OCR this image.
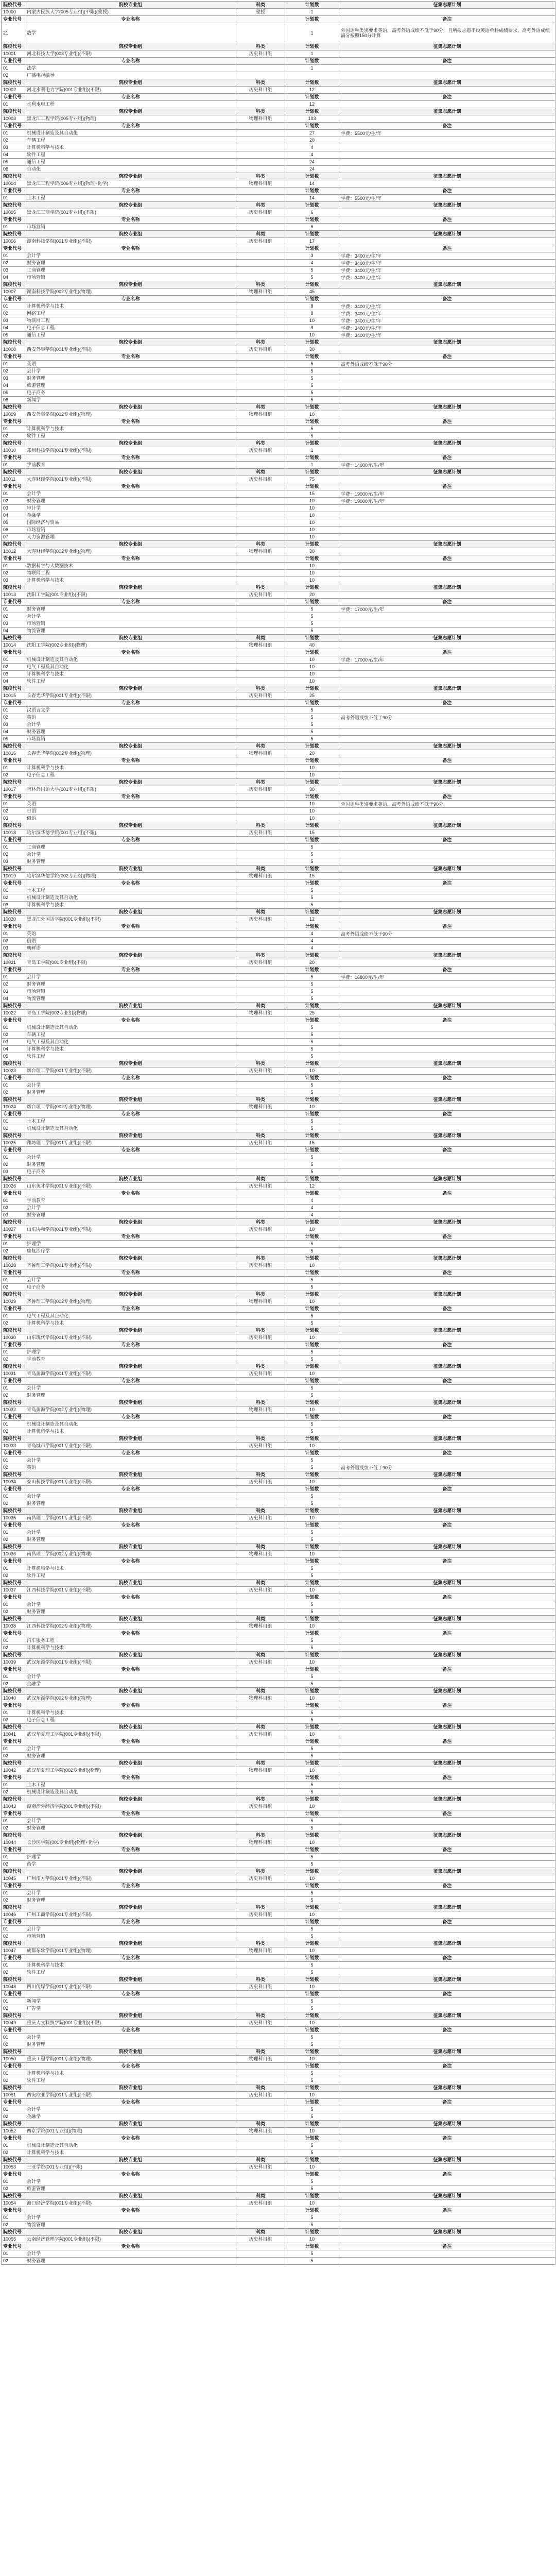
院校代号	院校专业组	科类	计划数	征集志愿计划
10000	内蒙古民族大学(005专业组)(不限)(蒙授)	蒙授	1	
专业代号	专业名称		计划数	备注
21	数学		1	外国语种类别要求英语，高考外语成绩不低于90分，且所报志愿不设英语单科成绩要求，高考外语成绩满分按照150分计算
院校代号	院校专业组	科类	计划数	征集志愿计划
10001	河北科技大学(003专业组)(不限)	历史科目组	1	
专业代号	专业名称		计划数	备注
01	法学		1	
02	广播电视编导			
院校代号	院校专业组	科类	计划数	征集志愿计划
10002	河北水利电力学院(001专业组)(不限)	历史科目组	12	
专业代号	专业名称		计划数	备注
01	水利水电工程		12	
院校代号	院校专业组	科类	计划数	征集志愿计划
10003	黑龙江工程学院(005专业组)(物理)	物理科目组	103	
专业代号	专业名称		计划数	备注
01	机械设计制造及其自动化		27	学费：5500元/生/年
02	车辆工程		20	
03	计算机科学与技术		4	
04	软件工程		4	
05	通信工程		24	
06	自动化		24	
院校代号	院校专业组	科类	计划数	征集志愿计划
10004	黑龙江工程学院(006专业组)(物理+化学)	物理科目组	14	
专业代号	专业名称		计划数	备注
01	土木工程		14	学费：5500元/生/年
院校代号	院校专业组	科类	计划数	征集志愿计划
10005	黑龙江工商学院(001专业组)(不限)	历史科目组	6	
专业代号	专业名称		计划数	备注
01	市场营销		6	
院校代号	院校专业组	科类	计划数	征集志愿计划
10006	湖南科技学院(001专业组)(不限)	历史科目组	17	
专业代号	专业名称		计划数	备注
01	会计学		3	学费：3400元/生/年
02	财务管理		4	学费：3400元/生/年
03	工商管理		5	学费：3400元/生/年
04	市场营销		5	学费：3400元/生/年
院校代号	院校专业组	科类	计划数	征集志愿计划
10007	湖南科技学院(002专业组)(物理)	物理科目组	45	
专业代号	专业名称		计划数	备注
01	计算机科学与技术		8	学费：3400元/生/年
02	网络工程		8	学费：3400元/生/年
03	物联网工程		10	学费：3400元/生/年
04	电子信息工程		9	学费：3400元/生/年
05	通信工程		10	学费：3400元/生/年
院校代号	院校专业组	科类	计划数	征集志愿计划
10008	西安外事学院(001专业组)(不限)	历史科目组	30	
专业代号	专业名称		计划数	备注
01	英语		5	高考外语成绩不低于90分
02	会计学		5	
03	财务管理		5	
04	旅游管理		5	
05	电子商务		5	
06	新闻学		5	
院校代号	院校专业组	科类	计划数	征集志愿计划
10009	西安外事学院(002专业组)(物理)	物理科目组	10	
专业代号	专业名称		计划数	备注
01	计算机科学与技术		5	
02	软件工程		5	
院校代号	院校专业组	科类	计划数	征集志愿计划
10010	郑州科技学院(001专业组)(不限)	历史科目组	1	
专业代号	专业名称		计划数	备注
01	学前教育		1	学费：14000元/生/年
院校代号	院校专业组	科类	计划数	征集志愿计划
10011	大连财经学院(001专业组)(不限)	历史科目组	75	
专业代号	专业名称		计划数	备注
01	会计学		15	学费：19000元/生/年
02	财务管理		10	学费：19000元/生/年
03	审计学		10	
04	金融学		10	
05	国际经济与贸易		10	
06	市场营销		10	
07	人力资源管理		10	
院校代号	院校专业组	科类	计划数	征集志愿计划
10012	大连财经学院(002专业组)(物理)	物理科目组	30	
专业代号	专业名称		计划数	备注
01	数据科学与大数据技术		10	
02	物联网工程		10	
03	计算机科学与技术		10	
院校代号	院校专业组	科类	计划数	征集志愿计划
10013	沈阳工学院(001专业组)(不限)	历史科目组	20	
专业代号	专业名称		计划数	备注
01	财务管理		5	学费：17000元/生/年
02	会计学		5	
03	市场营销		5	
04	物流管理		5	
院校代号	院校专业组	科类	计划数	征集志愿计划
10014	沈阳工学院(002专业组)(物理)	物理科目组	40	
专业代号	专业名称		计划数	备注
01	机械设计制造及其自动化		10	学费：17000元/生/年
02	电气工程及其自动化		10	
03	计算机科学与技术		10	
04	软件工程		10	
院校代号	院校专业组	科类	计划数	征集志愿计划
10015	长春光华学院(001专业组)(不限)	历史科目组	25	
专业代号	专业名称		计划数	备注
01	汉语言文学		5	
02	英语		5	高考外语成绩不低于90分
03	会计学		5	
04	财务管理		5	
05	市场营销		5	
院校代号	院校专业组	科类	计划数	征集志愿计划
10016	长春光华学院(002专业组)(物理)	物理科目组	20	
专业代号	专业名称		计划数	备注
01	计算机科学与技术		10	
02	电子信息工程		10	
院校代号	院校专业组	科类	计划数	征集志愿计划
10017	吉林外国语大学(001专业组)(不限)	历史科目组	30	
专业代号	专业名称		计划数	备注
01	英语		10	外国语种类别要求英语，高考外语成绩不低于90分
02	日语		10	
03	俄语		10	
院校代号	院校专业组	科类	计划数	征集志愿计划
10018	哈尔滨华德学院(001专业组)(不限)	历史科目组	15	
专业代号	专业名称		计划数	备注
01	工商管理		5	
02	会计学		5	
03	财务管理		5	
院校代号	院校专业组	科类	计划数	征集志愿计划
10019	哈尔滨华德学院(002专业组)(物理)	物理科目组	15	
专业代号	专业名称		计划数	备注
01	土木工程		5	
02	机械设计制造及其自动化		5	
03	计算机科学与技术		5	
院校代号	院校专业组	科类	计划数	征集志愿计划
10020	黑龙江外国语学院(001专业组)(不限)	历史科目组	12	
专业代号	专业名称		计划数	备注
01	英语		4	高考外语成绩不低于90分
02	俄语		4	
03	朝鲜语		4	
院校代号	院校专业组	科类	计划数	征集志愿计划
10021	青岛工学院(001专业组)(不限)	历史科目组	20	
专业代号	专业名称		计划数	备注
01	会计学		5	学费：16800元/生/年
02	财务管理		5	
03	市场营销		5	
04	物流管理		5	
院校代号	院校专业组	科类	计划数	征集志愿计划
10022	青岛工学院(002专业组)(物理)	物理科目组	25	
专业代号	专业名称		计划数	备注
01	机械设计制造及其自动化		5	
02	车辆工程		5	
03	电气工程及其自动化		5	
04	计算机科学与技术		5	
05	软件工程		5	
院校代号	院校专业组	科类	计划数	征集志愿计划
10023	烟台理工学院(001专业组)(不限)	历史科目组	10	
专业代号	专业名称		计划数	备注
01	会计学		5	
02	财务管理		5	
院校代号	院校专业组	科类	计划数	征集志愿计划
10024	烟台理工学院(002专业组)(物理)	物理科目组	10	
专业代号	专业名称		计划数	备注
01	土木工程		5	
02	机械设计制造及其自动化		5	
院校代号	院校专业组	科类	计划数	征集志愿计划
10025	潍坊理工学院(001专业组)(不限)	历史科目组	15	
专业代号	专业名称		计划数	备注
01	会计学		5	
02	财务管理		5	
03	电子商务		5	
院校代号	院校专业组	科类	计划数	征集志愿计划
10026	山东英才学院(001专业组)(不限)	历史科目组	12	
专业代号	专业名称		计划数	备注
01	学前教育		4	
02	会计学		4	
03	财务管理		4	
院校代号	院校专业组	科类	计划数	征集志愿计划
10027	山东协和学院(001专业组)(不限)	历史科目组	10	
专业代号	专业名称		计划数	备注
01	护理学		5	
02	康复治疗学		5	
院校代号	院校专业组	科类	计划数	征集志愿计划
10028	齐鲁理工学院(001专业组)(不限)	历史科目组	10	
专业代号	专业名称		计划数	备注
01	会计学		5	
02	电子商务		5	
院校代号	院校专业组	科类	计划数	征集志愿计划
10029	齐鲁理工学院(002专业组)(物理)	物理科目组	10	
专业代号	专业名称		计划数	备注
01	电气工程及其自动化		5	
02	计算机科学与技术		5	
院校代号	院校专业组	科类	计划数	征集志愿计划
10030	山东现代学院(001专业组)(不限)	历史科目组	10	
专业代号	专业名称		计划数	备注
01	护理学		5	
02	学前教育		5	
院校代号	院校专业组	科类	计划数	征集志愿计划
10031	青岛黄海学院(001专业组)(不限)	历史科目组	10	
专业代号	专业名称		计划数	备注
01	会计学		5	
02	财务管理		5	
院校代号	院校专业组	科类	计划数	征集志愿计划
10032	青岛黄海学院(002专业组)(物理)	物理科目组	10	
专业代号	专业名称		计划数	备注
01	机械设计制造及其自动化		5	
02	计算机科学与技术		5	
院校代号	院校专业组	科类	计划数	征集志愿计划
10033	青岛城市学院(001专业组)(不限)	历史科目组	10	
专业代号	专业名称		计划数	备注
01	会计学		5	
02	英语		5	高考外语成绩不低于90分
院校代号	院校专业组	科类	计划数	征集志愿计划
10034	泰山科技学院(001专业组)(不限)	历史科目组	10	
专业代号	专业名称		计划数	备注
01	会计学		5	
02	财务管理		5	
院校代号	院校专业组	科类	计划数	征集志愿计划
10035	南昌理工学院(001专业组)(不限)	历史科目组	10	
专业代号	专业名称		计划数	备注
01	会计学		5	
02	财务管理		5	
院校代号	院校专业组	科类	计划数	征集志愿计划
10036	南昌理工学院(002专业组)(物理)	物理科目组	10	
专业代号	专业名称		计划数	备注
01	计算机科学与技术		5	
02	软件工程		5	
院校代号	院校专业组	科类	计划数	征集志愿计划
10037	江西科技学院(001专业组)(不限)	历史科目组	10	
专业代号	专业名称		计划数	备注
01	会计学		5	
02	财务管理		5	
院校代号	院校专业组	科类	计划数	征集志愿计划
10038	江西科技学院(002专业组)(物理)	物理科目组	10	
专业代号	专业名称		计划数	备注
01	汽车服务工程		5	
02	计算机科学与技术		5	
院校代号	院校专业组	科类	计划数	征集志愿计划
10039	武汉东湖学院(001专业组)(不限)	历史科目组	10	
专业代号	专业名称		计划数	备注
01	会计学		5	
02	金融学		5	
院校代号	院校专业组	科类	计划数	征集志愿计划
10040	武汉东湖学院(002专业组)(物理)	物理科目组	10	
专业代号	专业名称		计划数	备注
01	计算机科学与技术		5	
02	电子信息工程		5	
院校代号	院校专业组	科类	计划数	征集志愿计划
10041	武汉华夏理工学院(001专业组)(不限)	历史科目组	10	
专业代号	专业名称		计划数	备注
01	会计学		5	
02	财务管理		5	
院校代号	院校专业组	科类	计划数	征集志愿计划
10042	武汉华夏理工学院(002专业组)(物理)	物理科目组	10	
专业代号	专业名称		计划数	备注
01	土木工程		5	
02	机械设计制造及其自动化		5	
院校代号	院校专业组	科类	计划数	征集志愿计划
10043	湖南涉外经济学院(001专业组)(不限)	历史科目组	10	
专业代号	专业名称		计划数	备注
01	会计学		5	
02	财务管理		5	
院校代号	院校专业组	科类	计划数	征集志愿计划
10044	长沙医学院(001专业组)(物理+化学)	物理科目组	10	
专业代号	专业名称		计划数	备注
01	护理学		5	
02	药学		5	
院校代号	院校专业组	科类	计划数	征集志愿计划
10045	广州南方学院(001专业组)(不限)	历史科目组	10	
专业代号	专业名称		计划数	备注
01	会计学		5	
02	财务管理		5	
院校代号	院校专业组	科类	计划数	征集志愿计划
10046	广州工商学院(001专业组)(不限)	历史科目组	10	
专业代号	专业名称		计划数	备注
01	会计学		5	
02	市场营销		5	
院校代号	院校专业组	科类	计划数	征集志愿计划
10047	成都东软学院(001专业组)(物理)	物理科目组	10	
专业代号	专业名称		计划数	备注
01	计算机科学与技术		5	
02	软件工程		5	
院校代号	院校专业组	科类	计划数	征集志愿计划
10048	四川传媒学院(001专业组)(不限)	历史科目组	10	
专业代号	专业名称		计划数	备注
01	新闻学		5	
02	广告学		5	
院校代号	院校专业组	科类	计划数	征集志愿计划
10049	重庆人文科技学院(001专业组)(不限)	历史科目组	10	
专业代号	专业名称		计划数	备注
01	会计学		5	
02	财务管理		5	
院校代号	院校专业组	科类	计划数	征集志愿计划
10050	重庆工程学院(001专业组)(物理)	物理科目组	10	
专业代号	专业名称		计划数	备注
01	计算机科学与技术		5	
02	软件工程		5	
院校代号	院校专业组	科类	计划数	征集志愿计划
10051	西安欧亚学院(001专业组)(不限)	历史科目组	10	
专业代号	专业名称		计划数	备注
01	会计学		5	
02	金融学		5	
院校代号	院校专业组	科类	计划数	征集志愿计划
10052	西京学院(001专业组)(物理)	物理科目组	10	
专业代号	专业名称		计划数	备注
01	机械设计制造及其自动化		5	
02	计算机科学与技术		5	
院校代号	院校专业组	科类	计划数	征集志愿计划
10053	三亚学院(001专业组)(不限)	历史科目组	10	
专业代号	专业名称		计划数	备注
01	会计学		5	
02	旅游管理		5	
院校代号	院校专业组	科类	计划数	征集志愿计划
10054	海口经济学院(001专业组)(不限)	历史科目组	10	
专业代号	专业名称		计划数	备注
01	会计学		5	
02	物流管理		5	
院校代号	院校专业组	科类	计划数	征集志愿计划
10055	云南经济管理学院(001专业组)(不限)	历史科目组	10	
专业代号	专业名称		计划数	备注
01	会计学		5	
02	财务管理		5	
